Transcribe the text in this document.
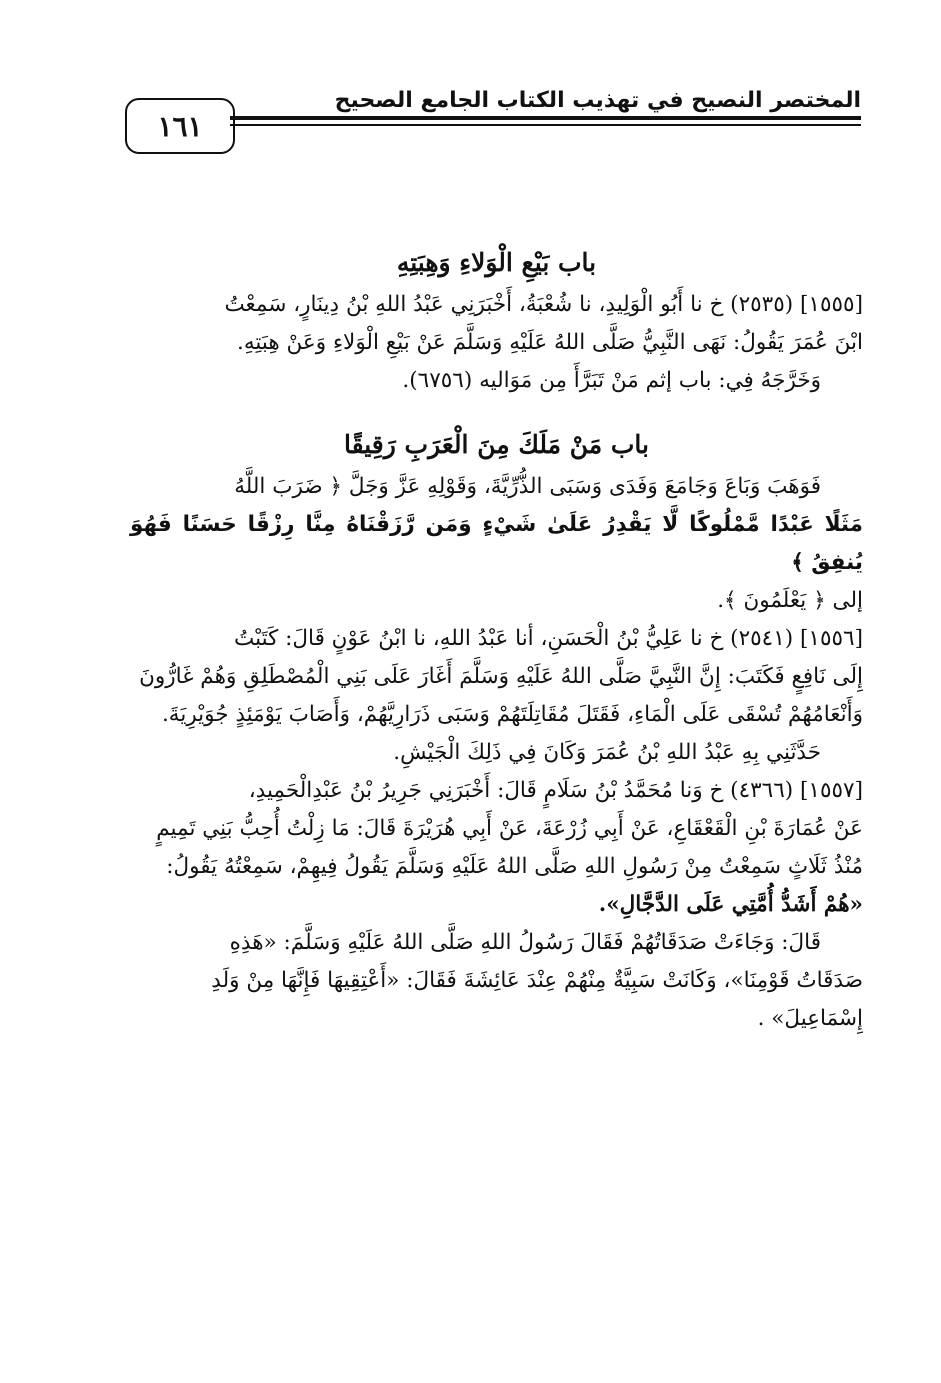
المختصر النصيح في تهذيب الكتاب الجامع الصحيح
١٦١

باب بَيْعِ الْوَلاءِ وَهِبَتِهِ

[١٥٥٥] (٢٥٣٥) خ نا أَبُو الْوَلِيدِ، نا شُعْبَةُ، أَخْبَرَنِي عَبْدُ اللهِ بْنُ دِينَارٍ، سَمِعْتُ

ابْنَ عُمَرَ يَقُولُ: نَهَى النَّبِيُّ صَلَّى اللهُ عَلَيْهِ وَسَلَّمَ عَنْ بَيْعِ الْوَلاءِ وَعَنْ هِبَتِهِ.

وَخَرَّجَهُ فِي: باب إثم مَنْ تَبَرَّأَ مِن مَوَاليه (٦٧٥٦).

باب مَنْ مَلَكَ مِنَ الْعَرَبِ رَقِيقًا

فَوَهَبَ وَبَاعَ وَجَامَعَ وَفَدَى وَسَبَى الذُّرِّيَّةَ، وَقَوْلِهِ عَزَّ وَجَلَّ ﴿ ضَرَبَ اللَّهُ

مَثَلًا عَبْدًا مَّمْلُوكًا لَّا يَقْدِرُ عَلَىٰ شَيْءٍ وَمَن رَّزَقْنَاهُ مِنَّا رِزْقًا حَسَنًا فَهُوَ يُنفِقُ ﴾

إلى ﴿ يَعْلَمُونَ ﴾.

[١٥٥٦] (٢٥٤١) خ نا عَلِيُّ بْنُ الْحَسَنِ، أنا عَبْدُ اللهِ، نا ابْنُ عَوْنٍ قَالَ: كَتَبْتُ

إِلَى نَافِعٍ فَكَتَبَ: إِنَّ النَّبِيَّ صَلَّى اللهُ عَلَيْهِ وَسَلَّمَ أَغَارَ عَلَى بَنِي الْمُصْطَلِقِ وَهُمْ غَارُّونَ

وَأَنْعَامُهُمْ تُسْقَى عَلَى الْمَاءِ، فَقَتَلَ مُقَاتِلَتَهُمْ وَسَبَى ذَرَارِيَّهُمْ، وَأَصَابَ يَوْمَئِذٍ جُوَيْرِيَةَ.

حَدَّثَنِي بِهِ عَبْدُ اللهِ بْنُ عُمَرَ وَكَانَ فِي ذَلِكَ الْجَيْشِ.

[١٥٥٧] (٤٣٦٦) خ وَنا مُحَمَّدُ بْنُ سَلَامٍ قَالَ: أَخْبَرَنِي جَرِيرُ بْنُ عَبْدِالْحَمِيدِ،

عَنْ عُمَارَةَ بْنِ الْقَعْقَاعِ، عَنْ أَبِي زُرْعَةَ، عَنْ أَبِي هُرَيْرَةَ قَالَ: مَا زِلْتُ أُحِبُّ بَنِي تَمِيمٍ

مُنْذُ ثَلَاثٍ سَمِعْتُ مِنْ رَسُولِ اللهِ صَلَّى اللهُ عَلَيْهِ وَسَلَّمَ يَقُولُ فِيهِمْ، سَمِعْتُهُ يَقُولُ:

«هُمْ أَشَدُّ أُمَّتِي عَلَى الدَّجَّالِ».

قَالَ: وَجَاءَتْ صَدَقَاتُهُمْ فَقَالَ رَسُولُ اللهِ صَلَّى اللهُ عَلَيْهِ وَسَلَّمَ: «هَذِهِ

صَدَقَاتُ قَوْمِنَا»، وَكَانَتْ سَبِيَّةٌ مِنْهُمْ عِنْدَ عَائِشَةَ فَقَالَ: «أَعْتِقِيهَا فَإِنَّهَا مِنْ وَلَدِ

إِسْمَاعِيلَ» .
